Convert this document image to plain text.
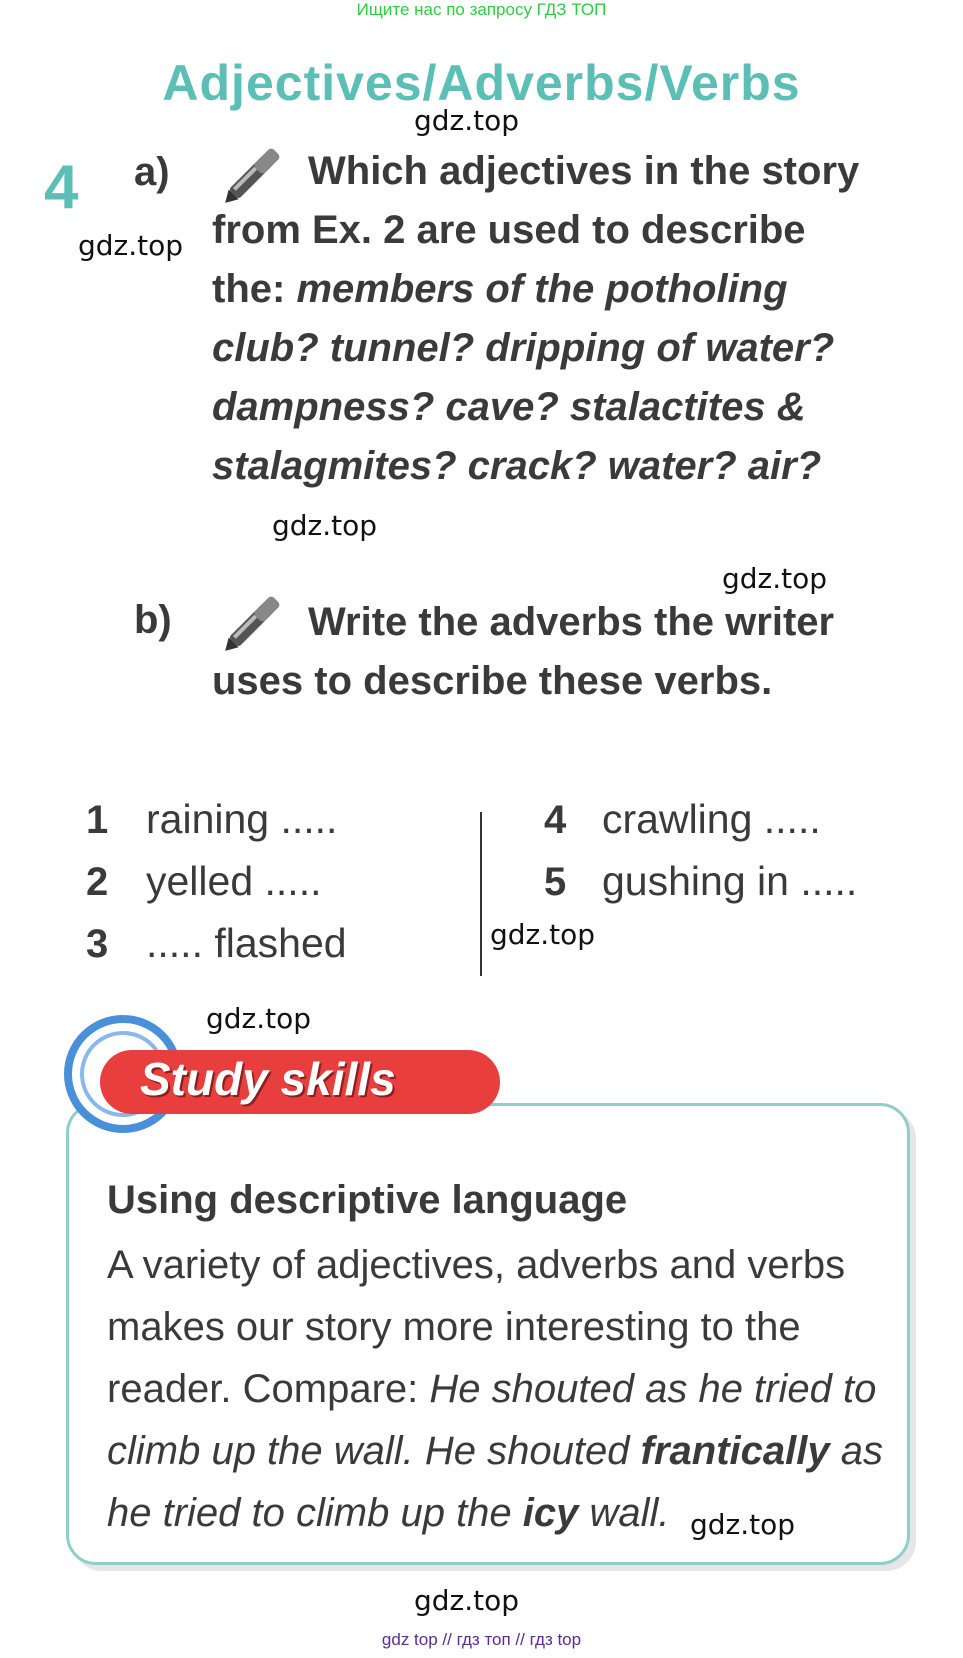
Ищите нас по запросу ГДЗ ТОП
Adjectives/Adverbs/Verbs
gdz.top
4 a)	Which adjectives in the story
from Ex. 2 are used to describe
gdz.top
the: members of the potholing
club? tunnel? dripping of water?
dampness? cave? stalactites &
stalagmites? crack? water? air?
gdz.top
gdz.top
b)	Write the adverbs the writer
uses to describe these verbs.
1 raining .....
2 yelled .....
3 ..... flashed
4 crawling .....
5 gushing in .....
gdz.top
gdz.top
Study skills
Using descriptive language
A variety of adjectives, adverbs and verbs
makes our story more interesting to the
reader. Compare: He shouted as he tried to
climb up the wall. He shouted frantically as
he tried to climb up the icy wall. gdz.top
gdz.top
gdz top // гдз топ // гдз top
